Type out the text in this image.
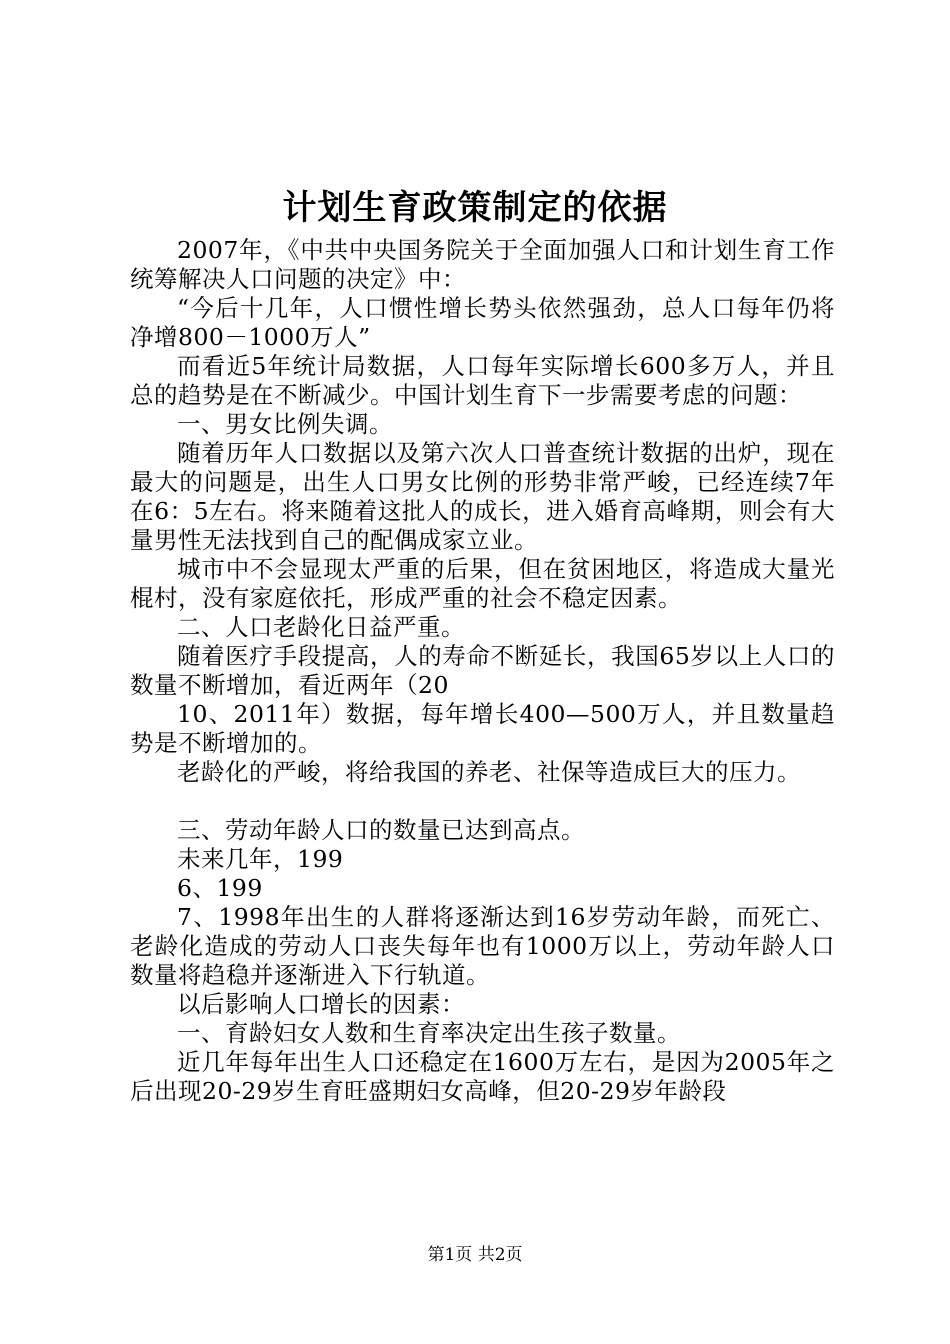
计划生育政策制定的依据

2007年，《中共中央国务院关于全面加强人口和计划生育工作统筹解决人口问题的决定》中：

“今后十几年，人口惯性增长势头依然强劲，总人口每年仍将净增800－1000万人”

而看近5年统计局数据，人口每年实际增长600多万人，并且总的趋势是在不断减少。中国计划生育下一步需要考虑的问题：

一、男女比例失调。

随着历年人口数据以及第六次人口普查统计数据的出炉，现在最大的问题是，出生人口男女比例的形势非常严峻，已经连续7年在6：5左右。将来随着这批人的成长，进入婚育高峰期，则会有大量男性无法找到自己的配偶成家立业。

城市中不会显现太严重的后果，但在贫困地区，将造成大量光棍村，没有家庭依托，形成严重的社会不稳定因素。

二、人口老龄化日益严重。

随着医疗手段提高，人的寿命不断延长，我国65岁以上人口的数量不断增加，看近两年（20

10、2011年）数据，每年增长400—500万人，并且数量趋势是不断增加的。

老龄化的严峻，将给我国的养老、社保等造成巨大的压力。

三、劳动年龄人口的数量已达到高点。

未来几年，199

6、199

7、1998年出生的人群将逐渐达到16岁劳动年龄，而死亡、老龄化造成的劳动人口丧失每年也有1000万以上，劳动年龄人口数量将趋稳并逐渐进入下行轨道。

以后影响人口增长的因素：

一、育龄妇女人数和生育率决定出生孩子数量。

近几年每年出生人口还稳定在1600万左右，是因为2005年之后出现20-29岁生育旺盛期妇女高峰，但20-29岁年龄段

第1页 共2页
